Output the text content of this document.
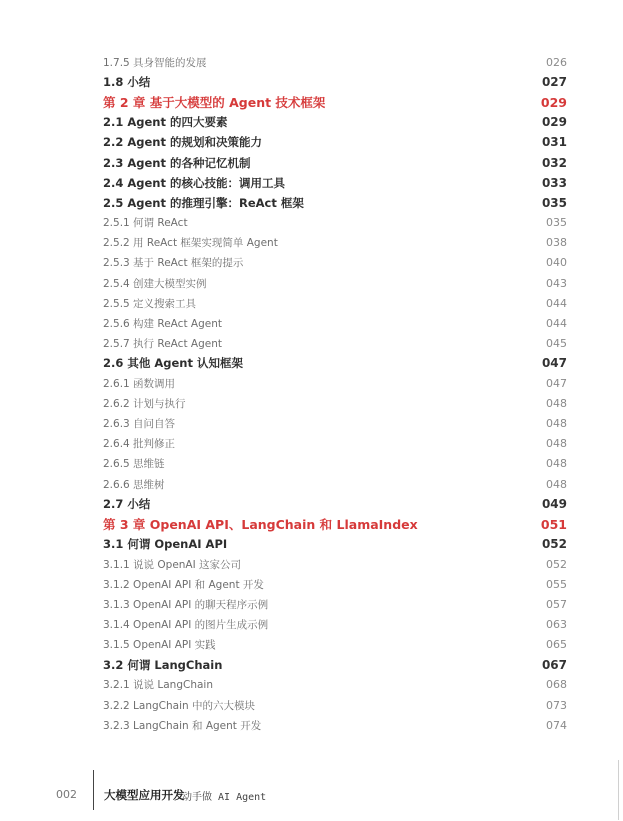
1.7.5 具身智能的发展	026
1.8 小结	027
第 2 章 基于大模型的 Agent 技术框架	029
2.1 Agent 的四大要素	029
2.2 Agent 的规划和决策能力	031
2.3 Agent 的各种记忆机制	032
2.4 Agent 的核心技能：调用工具	033
2.5 Agent 的推理引擎：ReAct 框架	035
2.5.1 何谓 ReAct	035
2.5.2 用 ReAct 框架实现简单 Agent	038
2.5.3 基于 ReAct 框架的提示	040
2.5.4 创建大模型实例	043
2.5.5 定义搜索工具	044
2.5.6 构建 ReAct Agent	044
2.5.7 执行 ReAct Agent	045
2.6 其他 Agent 认知框架	047
2.6.1 函数调用	047
2.6.2 计划与执行	048
2.6.3 自问自答	048
2.6.4 批判修正	048
2.6.5 思维链	048
2.6.6 思维树	048
2.7 小结	049
第 3 章 OpenAI API、LangChain 和 LlamaIndex	051
3.1 何谓 OpenAI API	052
3.1.1 说说 OpenAI 这家公司	052
3.1.2 OpenAI API 和 Agent 开发	055
3.1.3 OpenAI API 的聊天程序示例	057
3.1.4 OpenAI API 的图片生成示例	063
3.1.5 OpenAI API 实践	065
3.2 何谓 LangChain	067
3.2.1 说说 LangChain	068
3.2.2 LangChain 中的六大模块	073
3.2.3 LangChain 和 Agent 开发	074
002 大模型应用开发
动手做 AI Agent
